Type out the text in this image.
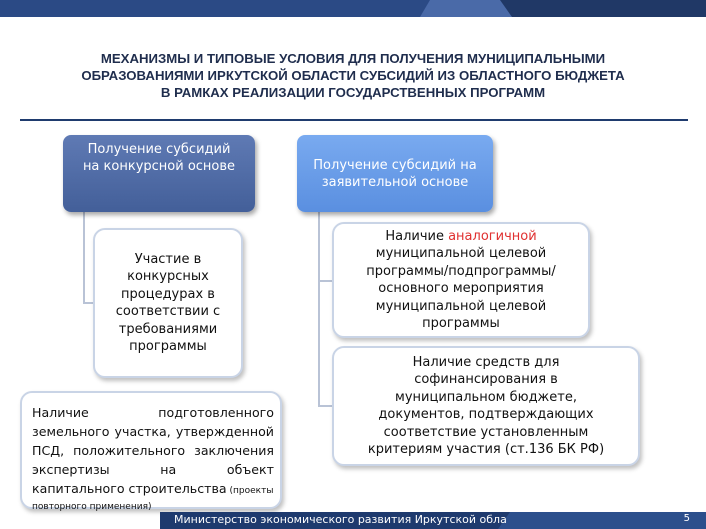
МЕХАНИЗМЫ И ТИПОВЫЕ УСЛОВИЯ ДЛЯ ПОЛУЧЕНИЯ МУНИЦИПАЛЬНЫМИ
ОБРАЗОВАНИЯМИ ИРКУТСКОЙ ОБЛАСТИ СУБСИДИЙ ИЗ ОБЛАСТНОГО БЮДЖЕТА
В РАМКАХ РЕАЛИЗАЦИИ ГОСУДАРСТВЕННЫХ ПРОГРАММ
Получение субсидий
на конкурсной основе	Получение субсидий на
заявительной основе
Участие в
конкурсных
процедурах в
соответствии с
требованиями
программы
Наличие подготовленного
земельного участка, утвержденной
ПСД, положительного заключения
экспертизы на объект
капитального строительства (проекты
повторного применения)
Наличие аналогичной
муниципальной целевой
программы/подпрограммы/
основного мероприятия
муниципальной целевой
программы
Наличие средств для
софинансирования в
муниципальном бюджете,
документов, подтверждающих
соответствие установленным
критериям участия (ст.136 БК РФ)
Министерство экономического развития Иркутской обла	5
